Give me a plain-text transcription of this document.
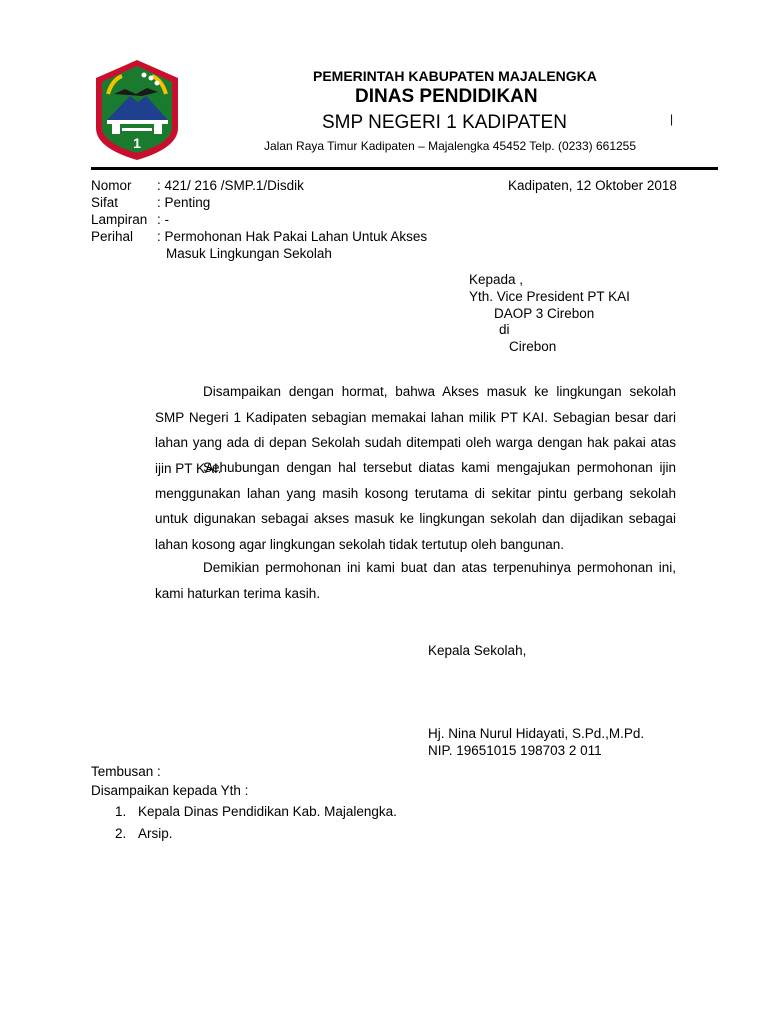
1
PEMERINTAH KABUPATEN MAJALENGKA
DINAS PENDIDIKAN
SMP NEGERI 1 KADIPATEN
Jalan Raya Timur Kadipaten – Majalengka 45452 Telp. (0233) 661255
|
Nomor : 421/ 216 /SMP.1/Disdik	Kadipaten, 12 Oktober 2018
Sifat	: Penting
Lampiran : -
Perihal : Permohonan Hak Pakai Lahan Untuk Akses
Masuk Lingkungan Sekolah
Kepada ,
Yth. Vice President PT KAI
DAOP 3 Cirebon
di
Cirebon
Disampaikan dengan hormat, bahwa Akses masuk ke lingkungan sekolah SMP Negeri 1 Kadipaten sebagian memakai lahan milik PT KAI. Sebagian besar dari lahan yang ada di depan Sekolah sudah ditempati oleh warga dengan hak pakai atas ijin PT KAI.
Sehubungan dengan hal tersebut diatas kami mengajukan permohonan ijin menggunakan lahan yang masih kosong terutama di sekitar pintu gerbang sekolah untuk digunakan sebagai akses masuk ke lingkungan sekolah dan dijadikan sebagai lahan kosong agar lingkungan sekolah tidak tertutup oleh bangunan.
Demikian permohonan ini kami buat dan atas terpenuhinya permohonan ini, kami haturkan terima kasih.
Kepala Sekolah,
Hj. Nina Nurul Hidayati, S.Pd.,M.Pd.
NIP. 19651015 198703 2 011
Tembusan :
Disampaikan kepada Yth :
1. Kepala Dinas Pendidikan Kab. Majalengka.
2. Arsip.
